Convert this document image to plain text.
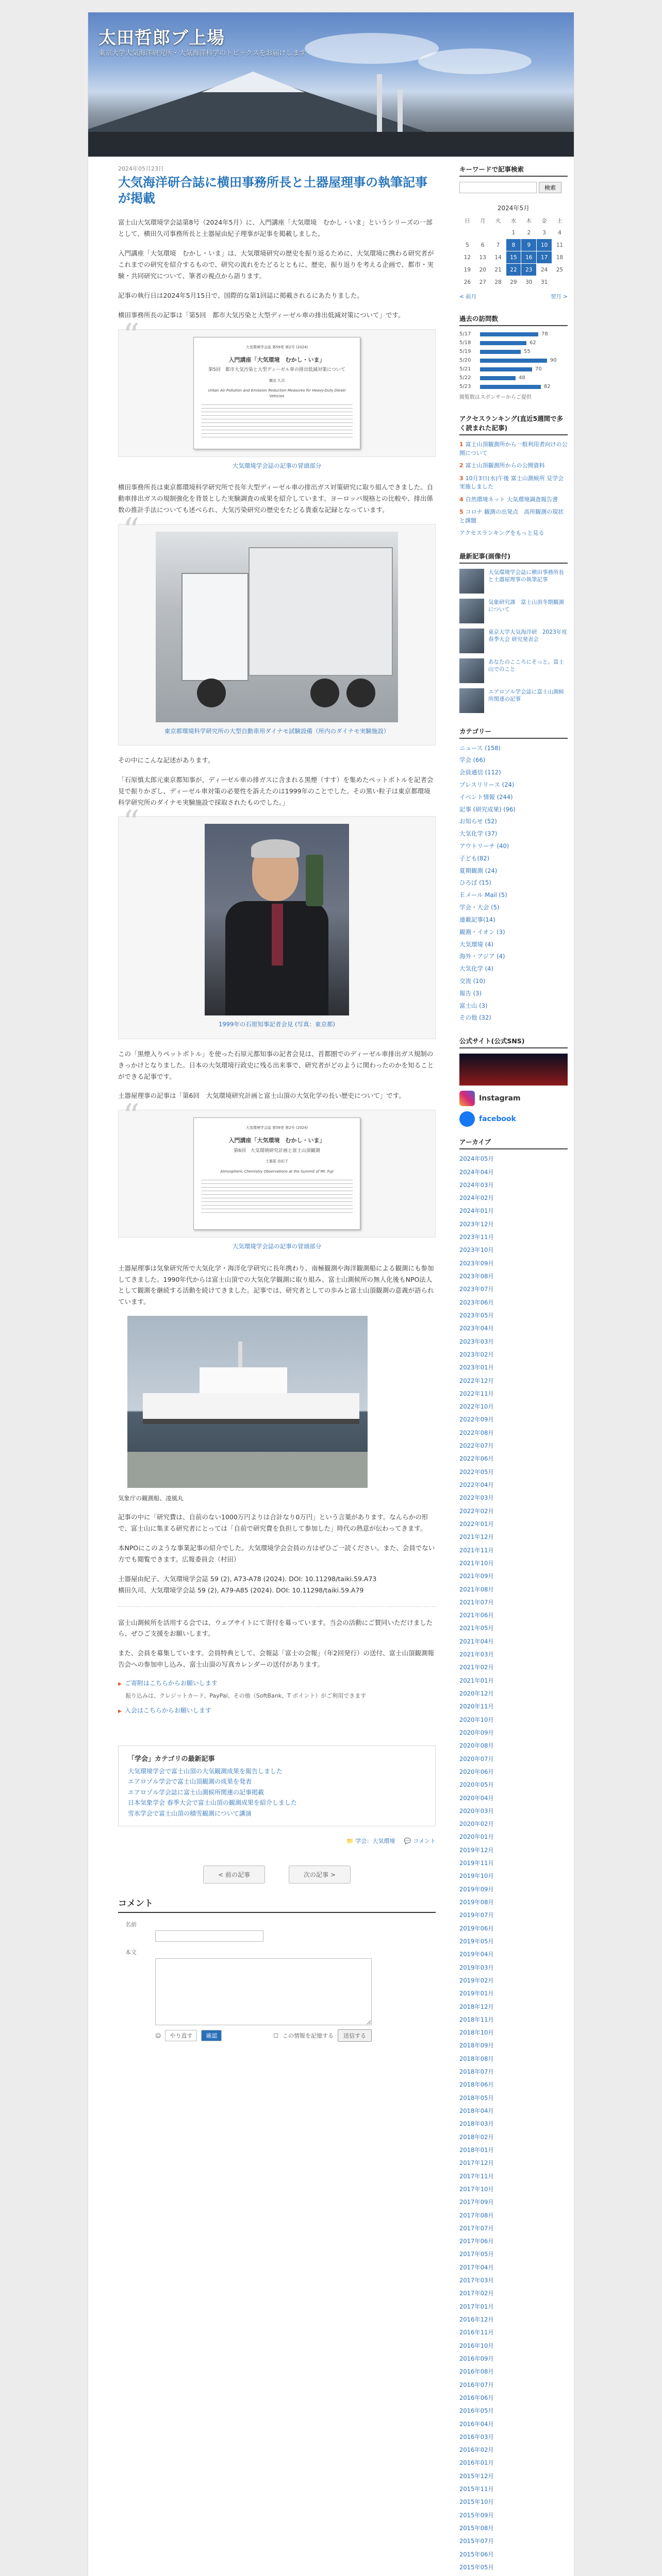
太田哲郎ブ上場
東京大学大気海洋研究所・大気海洋科学のトピックスをお届けします
2024年05月23日
大気海洋研合誌に横田事務所長と土器屋理事の執筆記事が掲載

富士山大気環境学会誌第8号（2024年5月）に、入門講座「大気環境　むかし・いま」というシリーズの一部として、横田久司事務所長と土器屋由紀子理事が記事を掲載しました。

入門講座「大気環境　むかし・いま」は、大気環境研究の歴史を振り返るために、大気環境に携わる研究者がこれまでの研究を紹介するもので、研究の流れをたどるとともに、歴史、振り返りを考える企画で、都市・実験・共同研究について、筆者の視点から語ります。

記事の執行日は2024年5月15日で、国際的な第1回誌に掲載されるにあたりました。

横田事務所長の記事は「第5回　都市大気汚染と大型ディーゼル車の排出低減対策について」です。

“	大気環境学会誌 第59巻 第2号 (2024)
入門講座「大気環境　むかし・いま」
第5回　都市大気汚染と大型ディーゼル車の排出低減対策について
横田 久司
Urban Air Pollution and Emission Reduction Measures for Heavy-Duty Diesel Vehicles
大気環境学会誌の記事の冒頭部分

横田事務所長は東京都環境科学研究所で長年大型ディーゼル車の排出ガス対策研究に取り組んできました。自動車排出ガスの規制強化を背景とした実験調査の成果を紹介しています。ヨーロッパ規格との比較や、排出係数の推計手法についても述べられ、大気汚染研究の歴史をたどる貴重な記録となっています。

“
東京都環境科学研究所の大型自動車用ダイナモ試験設備（所内のダイナモ実験施設）

その中にこんな記述があります。

「石原慎太郎元東京都知事が、ディーゼル車の排ガスに含まれる黒煙（すす）を集めたペットボトルを記者会見で振りかざし、ディーゼル車対策の必要性を訴えたのは1999年のことでした。その黒い粒子は東京都環境科学研究所のダイナモ実験施設で採取されたものでした。」

“
1999年の石原知事記者会見 (写真：東京都)

この「黒煙入りペットボトル」を使った石原元都知事の記者会見は、首都圏でのディーゼル車排出ガス規制のきっかけとなりました。日本の大気環境行政史に残る出来事で、研究者がどのように関わったのかを知ることができる記事です。

土器屋理事の記事は「第6回　大気環境研究計画と富士山頂の大気化学の長い歴史について」です。

“	大気環境学会誌 第59巻 第2号 (2024)
入門講座「大気環境　むかし・いま」
第6回　大気環境研究計画と富士山頂観測
土器屋 由紀子
Atmospheric Chemistry Observations at the Summit of Mt. Fuji
大気環境学会誌の記事の冒頭部分

土器屋理事は気象研究所で大気化学・海洋化学研究に長年携わり、南極観測や海洋観測船による観測にも参加してきました。1990年代からは富士山頂での大気化学観測に取り組み、富士山測候所の無人化後もNPO法人として観測を継続する活動を続けてきました。記事では、研究者としての歩みと富士山頂観測の意義が語られています。

気象庁の観測船、凌風丸

記事の中に「研究費は、自前のない1000万円よりは合計なり0万円」という言葉があります。なんらかの形で、富士山に集まる研究者にとっては「自前で研究費を負担して参加した」時代の熱意が伝わってきます。

本NPOにこのような事業記事の紹介でした。大気環境学会会員の方はぜひご一読ください。また、会員でない方でも閲覧できます。広報委員会（村田）

土器屋由紀子、大気環境学会誌 59 (2), A73-A78 (2024). DOI: 10.11298/taiki.59.A73
横田久司、大気環境学会誌 59 (2), A79-A85 (2024). DOI: 10.11298/taiki.59.A79

富士山測候所を活用する会では、ウェブサイトにて寄付を募っています。当会の活動にご賛同いただけましたら、ぜひご支援をお願いします。

また、会員を募集しています。会員特典として、会報誌「富士の会報」（年2回発行）の送付、富士山頂観測報告会への参加申し込み、富士山頂の写真カレンダーの送付があります。

▶ ご寄附はこちらからお願いします
振り込みは、クレジットカード、PayPal、その他（SoftBank、T ポイント）がご利用できます
▶ 入会はこちらからお願いします
「学会」カテゴリの最新記事
大気環境学会で富士山頂の大気観測成果を報告しました
エアロゾル学会で富士山頂観測の成果を発表
エアロゾル学会誌に富士山測候所関連の記事掲載
日本気象学会 春季大会で富士山頂の観測成果を紹介しました
雪氷学会で富士山頂の積雪観測について講演
📁 学会：大気環境 💬 コメント
< 前の記事	次の記事 >
コメント
名前
本文
☺	やり直す	確認	☐ この情報を記憶する	送信する
キーワードで記事検索
検索
2024年5月
日	月	火	水	木	金	土
			1	2	3	4
5	6	7	8	9	10	11
12	13	14	15	16	17	18
19	20	21	22	23	24	25
26	27	28	29	30	31	
< 前月	翌月 >
過去の訪問数
5/17	78
5/18	62
5/19	55
5/20	90
5/21	70
5/22	48
5/23	82
閲覧数はスポンサーからご提供
アクセスランキング(直近5週間で多く読まれた記事)
1 富士山頂観測所から一般利用者向けの公開について
2 富士山頂観測所からの公開資料
3 10月3日(水)午後 富士山測候所 見学会 実施しました
4 自然環境ネット 大気環境調査報告書
5 コロナ 観測の出発点　高所観測の現状と課題
アクセスランキングをもっと見る
最新記事(画像付)
大気環境学会誌に横田事務所長と土器屋理事の執筆記事
気象研究課　富士山頂冬期観測について
東京大学大気海洋研　2023年度春季大会 研究発表会
あなたのこころにそっと。富士山でのこと
エアロゾル学会誌に富士山測候所関連の記事
カテゴリー
ニュース (158)
学会 (66)
会員通信 (112)
プレスリリース (24)
イベント情報 (244)
記事 (研究成果) (96)
お知らせ (52)
大気化学 (37)
アウトリーチ (40)
子ども(82)
夏期観測 (24)
ひろば (15)
Ｅメール Mail (5)
学会・大会 (5)
連載記事(14)
観測・イオン (3)
大気環境 (4)
海外・アジア (4)
大気化学 (4)
交流 (10)
報告 (3)
富士山 (3)
その他 (32)
公式サイト(公式SNS)
Instagram
facebook
アーカイブ
2024年05月
2024年04月
2024年03月
2024年02月
2024年01月
2023年12月
2023年11月
2023年10月
2023年09月
2023年08月
2023年07月
2023年06月
2023年05月
2023年04月
2023年03月
2023年02月
2023年01月
2022年12月
2022年11月
2022年10月
2022年09月
2022年08月
2022年07月
2022年06月
2022年05月
2022年04月
2022年03月
2022年02月
2022年01月
2021年12月
2021年11月
2021年10月
2021年09月
2021年08月
2021年07月
2021年06月
2021年05月
2021年04月
2021年03月
2021年02月
2021年01月
2020年12月
2020年11月
2020年10月
2020年09月
2020年08月
2020年07月
2020年06月
2020年05月
2020年04月
2020年03月
2020年02月
2020年01月
2019年12月
2019年11月
2019年10月
2019年09月
2019年08月
2019年07月
2019年06月
2019年05月
2019年04月
2019年03月
2019年02月
2019年01月
2018年12月
2018年11月
2018年10月
2018年09月
2018年08月
2018年07月
2018年06月
2018年05月
2018年04月
2018年03月
2018年02月
2018年01月
2017年12月
2017年11月
2017年10月
2017年09月
2017年08月
2017年07月
2017年06月
2017年05月
2017年04月
2017年03月
2017年02月
2017年01月
2016年12月
2016年11月
2016年10月
2016年09月
2016年08月
2016年07月
2016年06月
2016年05月
2016年04月
2016年03月
2016年02月
2016年01月
2015年12月
2015年11月
2015年10月
2015年09月
2015年08月
2015年07月
2015年06月
2015年05月
